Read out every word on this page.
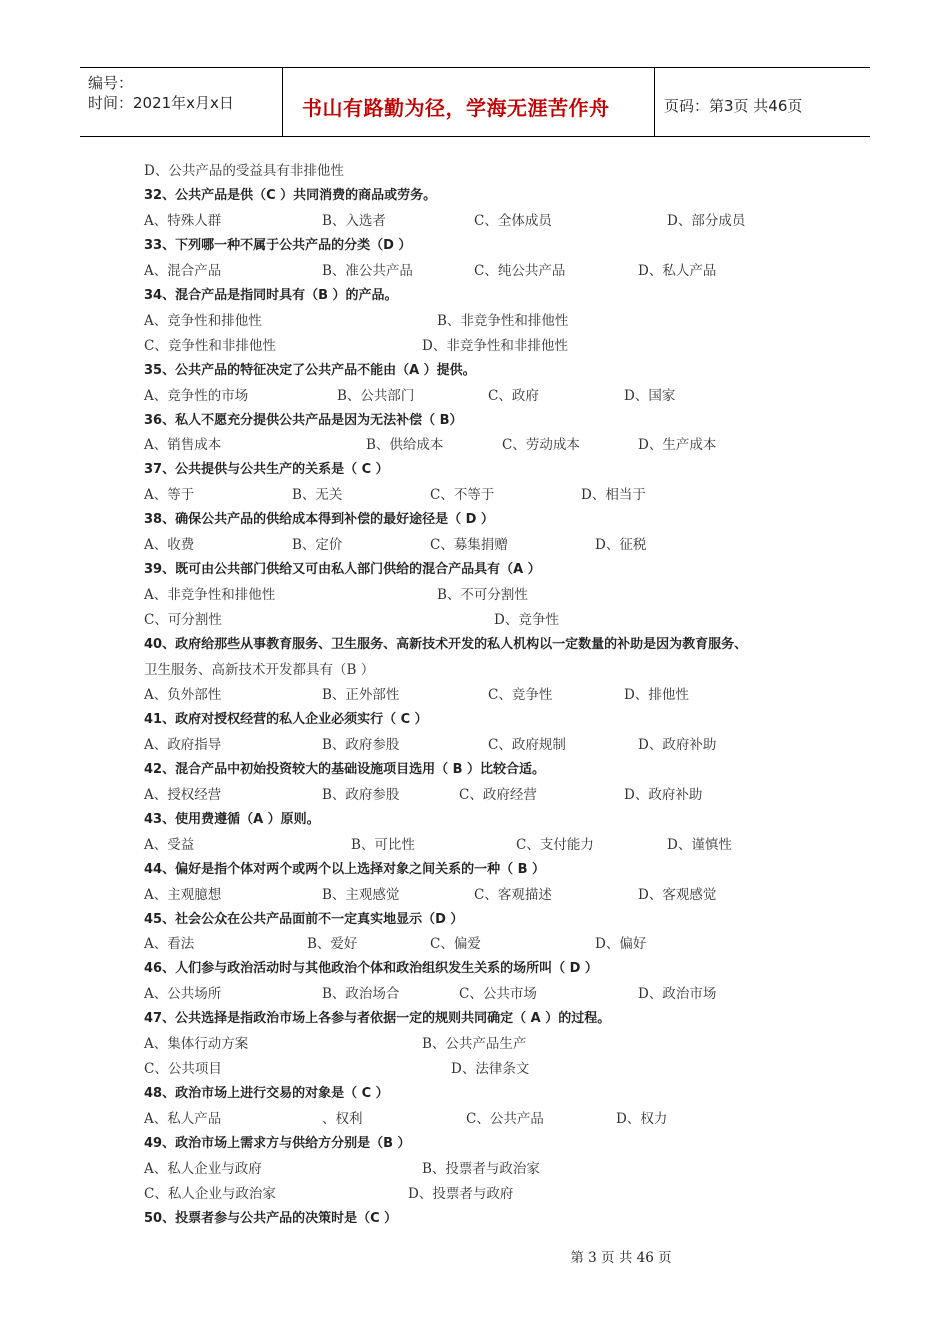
编号：
时间：2021年x月x日	书山有路勤为径，学海无涯苦作舟	页码：第3页 共46页
D、公共产品的受益具有非排他性
32、公共产品是供（C ）共同消费的商品或劳务。
A、特殊人群	B、入选者	C、全体成员	D、部分成员
33、下列哪一种不属于公共产品的分类（D ）
A、混合产品	B、准公共产品	C、纯公共产品	D、私人产品
34、混合产品是指同时具有（B ）的产品。
A、竞争性和排他性	B、非竞争性和排他性
C、竞争性和非排他性	D、非竞争性和非排他性
35、公共产品的特征决定了公共产品不能由（A ）提供。
A、竞争性的市场	B、公共部门	C、政府	D、国家
36、私人不愿充分提供公共产品是因为无法补偿（ B）
A、销售成本	B、供给成本	C、劳动成本	D、生产成本
37、公共提供与公共生产的关系是（ C ）
A、等于	B、无关	C、不等于	D、相当于
38、确保公共产品的供给成本得到补偿的最好途径是（ D ）
A、收费	B、定价	C、募集捐赠	D、征税
39、既可由公共部门供给又可由私人部门供给的混合产品具有（A ）
A、非竞争性和排他性	B、不可分割性
C、可分割性	D、竞争性
40、政府给那些从事教育服务、卫生服务、高新技术开发的私人机构以一定数量的补助是因为教育服务、
卫生服务、高新技术开发都具有（B ）
A、负外部性	B、正外部性	C、竞争性	D、排他性
41、政府对授权经营的私人企业必须实行（ C ）
A、政府指导	B、政府参股	C、政府规制	D、政府补助
42、混合产品中初始投资较大的基础设施项目选用（ B ）比较合适。
A、授权经营	B、政府参股	C、政府经营	D、政府补助
43、使用费遵循（A ）原则。
A、受益	B、可比性	C、支付能力	D、谨慎性
44、偏好是指个体对两个或两个以上选择对象之间关系的一种（ B ）
A、主观臆想	B、主观感觉	C、客观描述	D、客观感觉
45、社会公众在公共产品面前不一定真实地显示（D ）
A、看法	B、爱好	C、偏爱	D、偏好
46、人们参与政治活动时与其他政治个体和政治组织发生关系的场所叫（ D ）
A、公共场所	B、政治场合	C、公共市场	D、政治市场
47、公共选择是指政治市场上各参与者依据一定的规则共同确定（ A ）的过程。
A、集体行动方案	B、公共产品生产
C、公共项目	D、法律条文
48、政治市场上进行交易的对象是（ C ）
A、私人产品	、权利	C、公共产品	D、权力
49、政治市场上需求方与供给方分别是（B ）
A、私人企业与政府	B、投票者与政治家
C、私人企业与政治家	D、投票者与政府
50、投票者参与公共产品的决策时是（C ）
第 3 页 共 46 页
